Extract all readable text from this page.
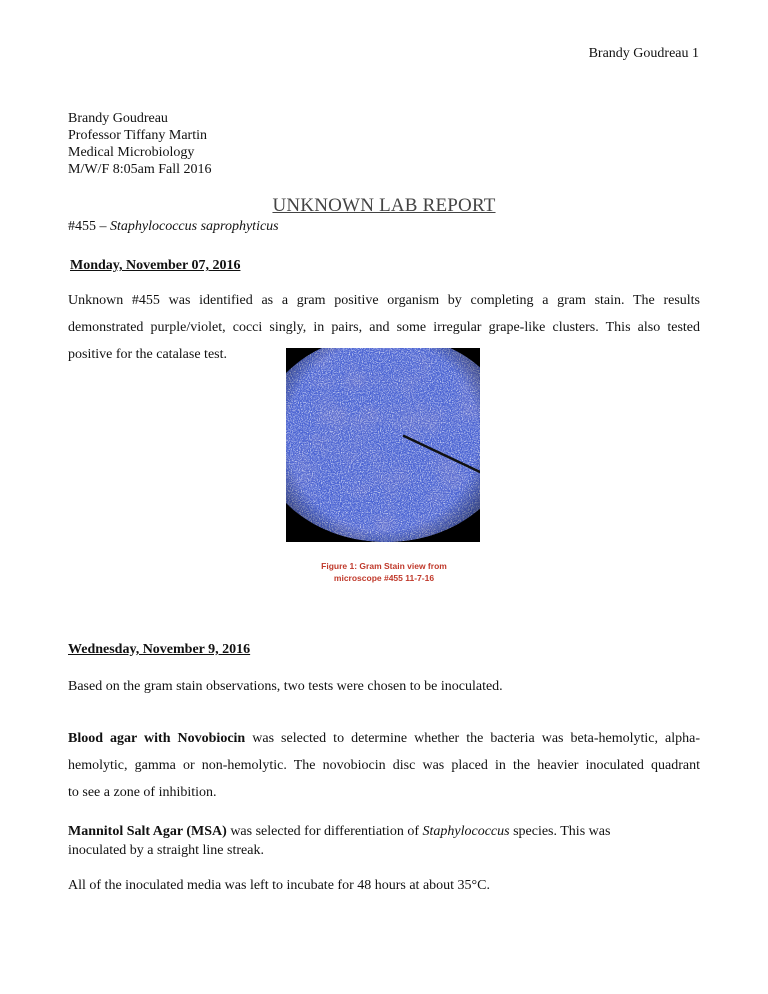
Brandy Goudreau 1
Brandy Goudreau
Professor Tiffany Martin
Medical Microbiology
M/W/F 8:05am Fall 2016
UNKNOWN LAB REPORT
#455 – Staphylococcus saprophyticus
Monday, November 07, 2016
Unknown #455 was identified as a gram positive organism by completing a gram stain. The results
demonstrated purple/violet, cocci singly, in pairs, and some irregular grape-like clusters. This also tested
positive for the catalase test.
Figure 1: Gram Stain view from
microscope #455 11-7-16
Wednesday, November 9, 2016
Based on the gram stain observations, two tests were chosen to be inoculated.
Blood agar with Novobiocin was selected to determine whether the bacteria was beta-hemolytic, alpha-
hemolytic, gamma or non-hemolytic. The novobiocin disc was placed in the heavier inoculated quadrant
to see a zone of inhibition.
Mannitol Salt Agar (MSA) was selected for differentiation of Staphylococcus species. This was
inoculated by a straight line streak.
All of the inoculated media was left to incubate for 48 hours at about 35°C.
